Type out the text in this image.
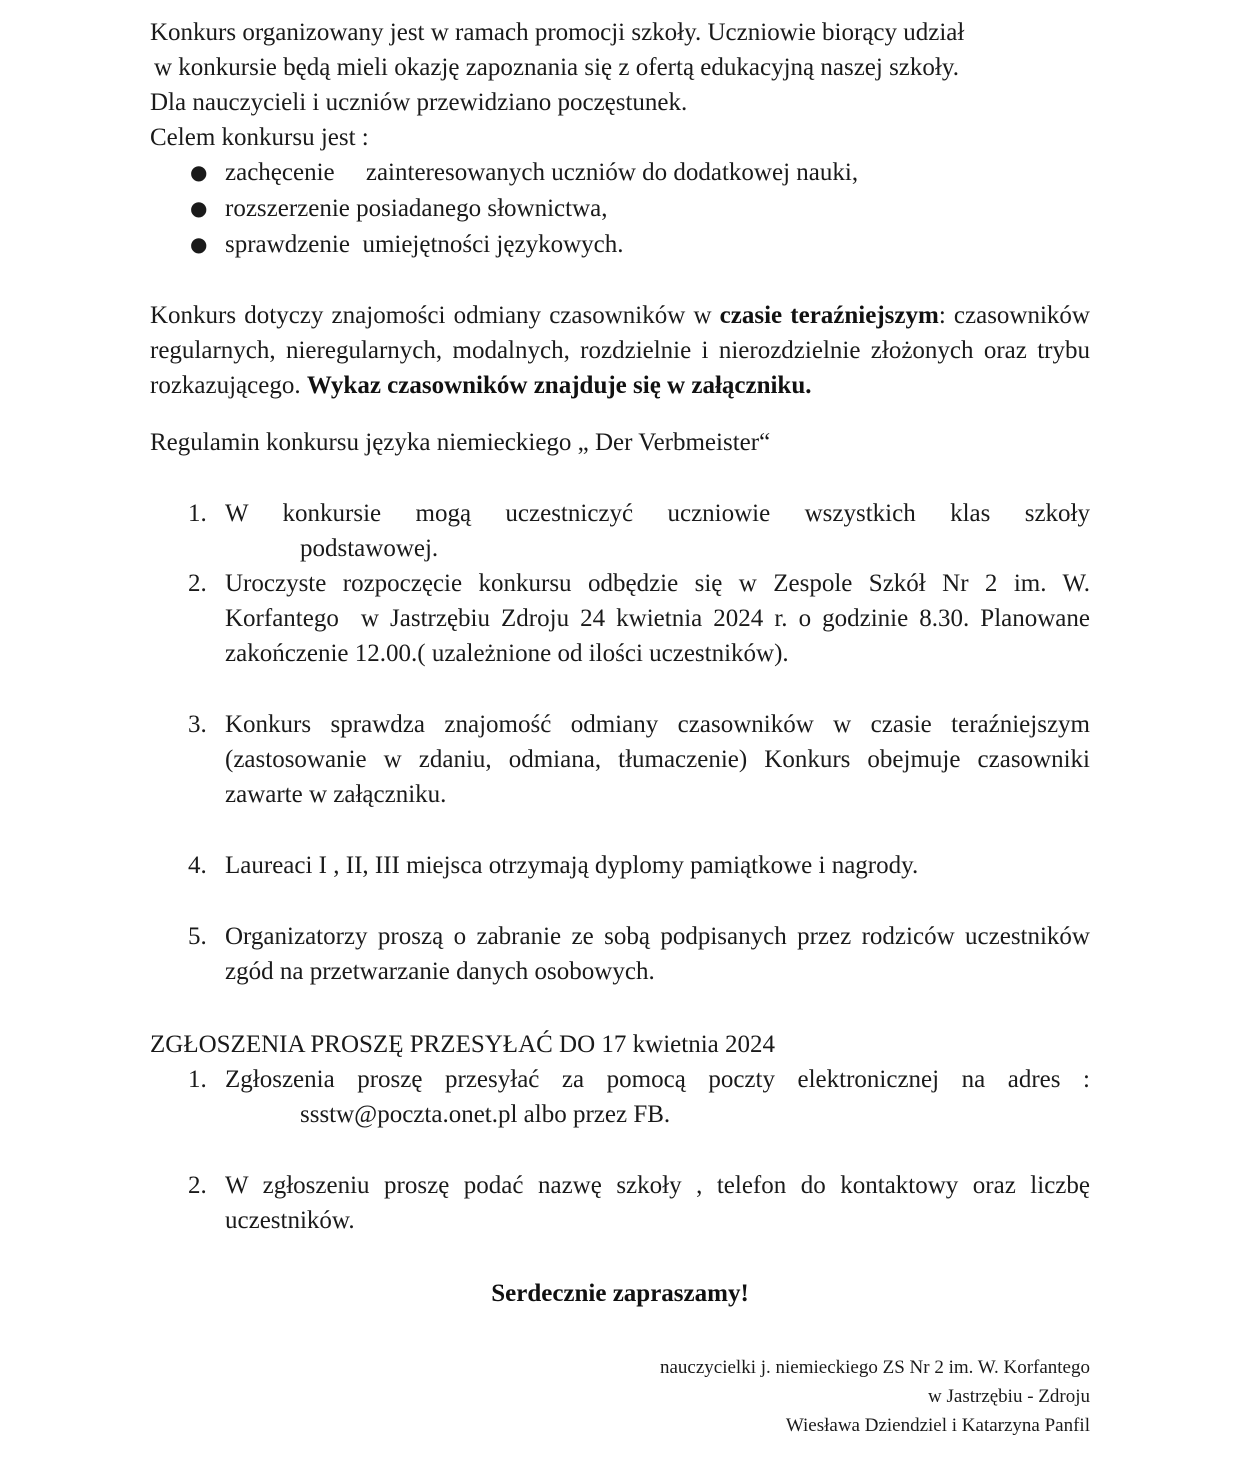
Konkurs organizowany jest w ramach promocji szkoły. Uczniowie biorący udział

w konkursie będą mieli okazję zapoznania się z ofertą edukacyjną naszej szkoły.

Dla nauczycieli i uczniów przewidziano poczęstunek.

Celem konkursu jest :

● zachęcenie     zainteresowanych uczniów do dodatkowej nauki,
● rozszerzenie posiadanego słownictwa,
● sprawdzenie  umiejętności językowych.

Konkurs dotyczy znajomości odmiany czasowników w czasie teraźniejszym: czasowników regularnych, nieregularnych, modalnych, rozdzielnie i nierozdzielnie złożonych oraz trybu rozkazującego. Wykaz czasowników znajduje się w załączniku.

Regulamin konkursu języka niemieckiego „ Der Verbmeister“

1. W konkursie mogą uczestniczyć uczniowie wszystkich klas szkoły

podstawowej.

2. Uroczyste rozpoczęcie konkursu odbędzie się w Zespole Szkół Nr 2 im. W. Korfantego  w Jastrzębiu Zdroju 24 kwietnia 2024 r. o godzinie 8.30. Planowane    zakończenie 12.00.( uzależnione od ilości uczestników).

3. Konkurs sprawdza znajomość odmiany czasowników w czasie teraźniejszym (zastosowanie w zdaniu, odmiana, tłumaczenie) Konkurs obejmuje czasowniki zawarte w załączniku.

4. Laureaci I , II, III miejsca otrzymają dyplomy pamiątkowe i nagrody.

5. Organizatorzy proszą o zabranie ze sobą podpisanych przez rodziców uczestników zgód na przetwarzanie danych osobowych.

ZGŁOSZENIA PROSZĘ PRZESYŁAĆ DO 17 kwietnia 2024

1. Zgłoszenia proszę przesyłać za pomocą poczty elektronicznej na adres :

ssstw@poczta.onet.pl albo przez FB.

2. W zgłoszeniu proszę podać nazwę szkoły , telefon do kontaktowy oraz liczbę uczestników.

Serdecznie zapraszamy!

nauczycielki j. niemieckiego ZS Nr 2 im. W. Korfantego

w Jastrzębiu - Zdroju

Wiesława Dziendziel i Katarzyna Panfil
